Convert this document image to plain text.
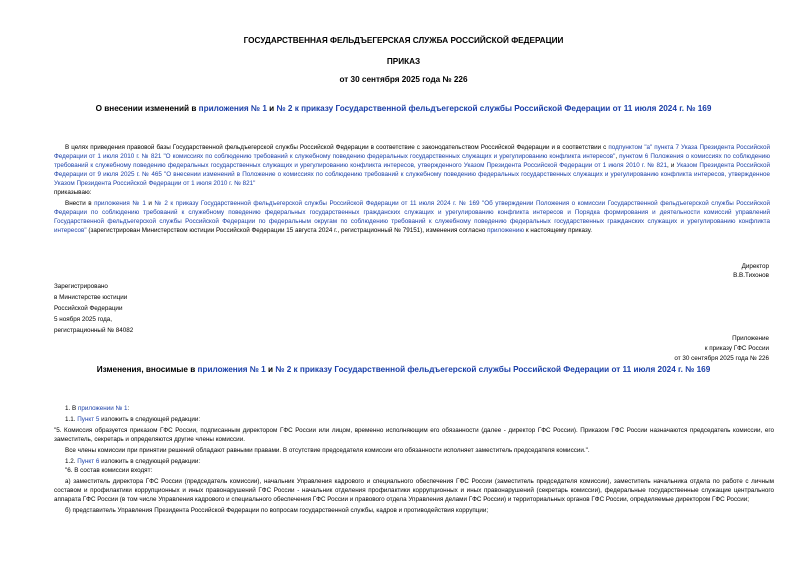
ГОСУДАРСТВЕННАЯ ФЕЛЬДЪЕГЕРСКАЯ СЛУЖБА РОССИЙСКОЙ ФЕДЕРАЦИИ
ПРИКАЗ
от 30 сентября 2025 года № 226
О внесении изменений в приложения № 1 и № 2 к приказу Государственной фельдъегерской службы Российской Федерации от 11 июля 2024 г. № 169

В целях приведения правовой базы Государственной фельдъегерской службы Российской Федерации в соответствие с законодательством Российской Федерации и в соответствии с подпунктом "а" пункта 7 Указа Президента Российской Федерации от 1 июля 2010 г. № 821 "О комиссиях по соблюдению требований к служебному поведению федеральных государственных служащих и урегулированию конфликта интересов", пунктом 6 Положения о комиссиях по соблюдению требований к служебному поведению федеральных государственных служащих и урегулированию конфликта интересов, утвержденного Указом Президента Российской Федерации от 1 июля 2010 г. № 821, и Указом Президента Российской Федерации от 9 июля 2025 г. № 465 "О внесении изменений в Положение о комиссиях по соблюдению требований к служебному поведению федеральных государственных служащих и урегулированию конфликта интересов, утвержденное Указом Президента Российской Федерации от 1 июля 2010 г. № 821"

приказываю:

Внести в приложения № 1 и № 2 к приказу Государственной фельдъегерской службы Российской Федерации от 11 июля 2024 г. № 169 "Об утверждении Положения о комиссии Государственной фельдъегерской службы Российской Федерации по соблюдению требований к служебному поведению федеральных государственных гражданских служащих и урегулированию конфликта интересов и Порядка формирования и деятельности комиссий управлений Государственной фельдъегерской службы Российской Федерации по федеральным округам по соблюдению требований к служебному поведению федеральных государственных гражданских служащих и урегулированию конфликта интересов" (зарегистрирован Министерством юстиции Российской Федерации 15 августа 2024 г., регистрационный № 79151), изменения согласно приложению к настоящему приказу.

Директор
В.В.Тихонов
Зарегистрировано
в Министерстве юстиции
Российской Федерации
5 ноября 2025 года,
регистрационный № 84082
Приложение
к приказу ГФС России
от 30 сентября 2025 года № 226
Изменения, вносимые в приложения № 1 и № 2 к приказу Государственной фельдъегерской службы Российской Федерации от 11 июля 2024 г. № 169

1. В приложении № 1:

1.1. Пункт 5 изложить в следующей редакции:

"5. Комиссия образуется приказом ГФС России, подписанным директором ГФС России или лицом, временно исполняющим его обязанности (далее - директор ГФС России). Приказом ГФС России назначаются председатель комиссии, его заместитель, секретарь и определяются другие члены комиссии.

Все члены комиссии при принятии решений обладают равными правами. В отсутствие председателя комиссии его обязанности исполняет заместитель председателя комиссии.".

1.2. Пункт 6 изложить в следующей редакции:

"6. В состав комиссии входят:

а) заместитель директора ГФС России (председатель комиссии), начальник Управления кадрового и специального обеспечения ГФС России (заместитель председателя комиссии), заместитель начальника отдела по работе с личным составом и профилактики коррупционных и иных правонарушений ГФС России - начальник отделения профилактики коррупционных и иных правонарушений (секретарь комиссии), федеральные государственные служащие центрального аппарата ГФС России (в том числе Управления кадрового и специального обеспечения ГФС России и правового отдела Управления делами ГФС России) и территориальных органов ГФС России, определяемые директором ГФС России;

б) представитель Управления Президента Российской Федерации по вопросам государственной службы, кадров и противодействия коррупции;
